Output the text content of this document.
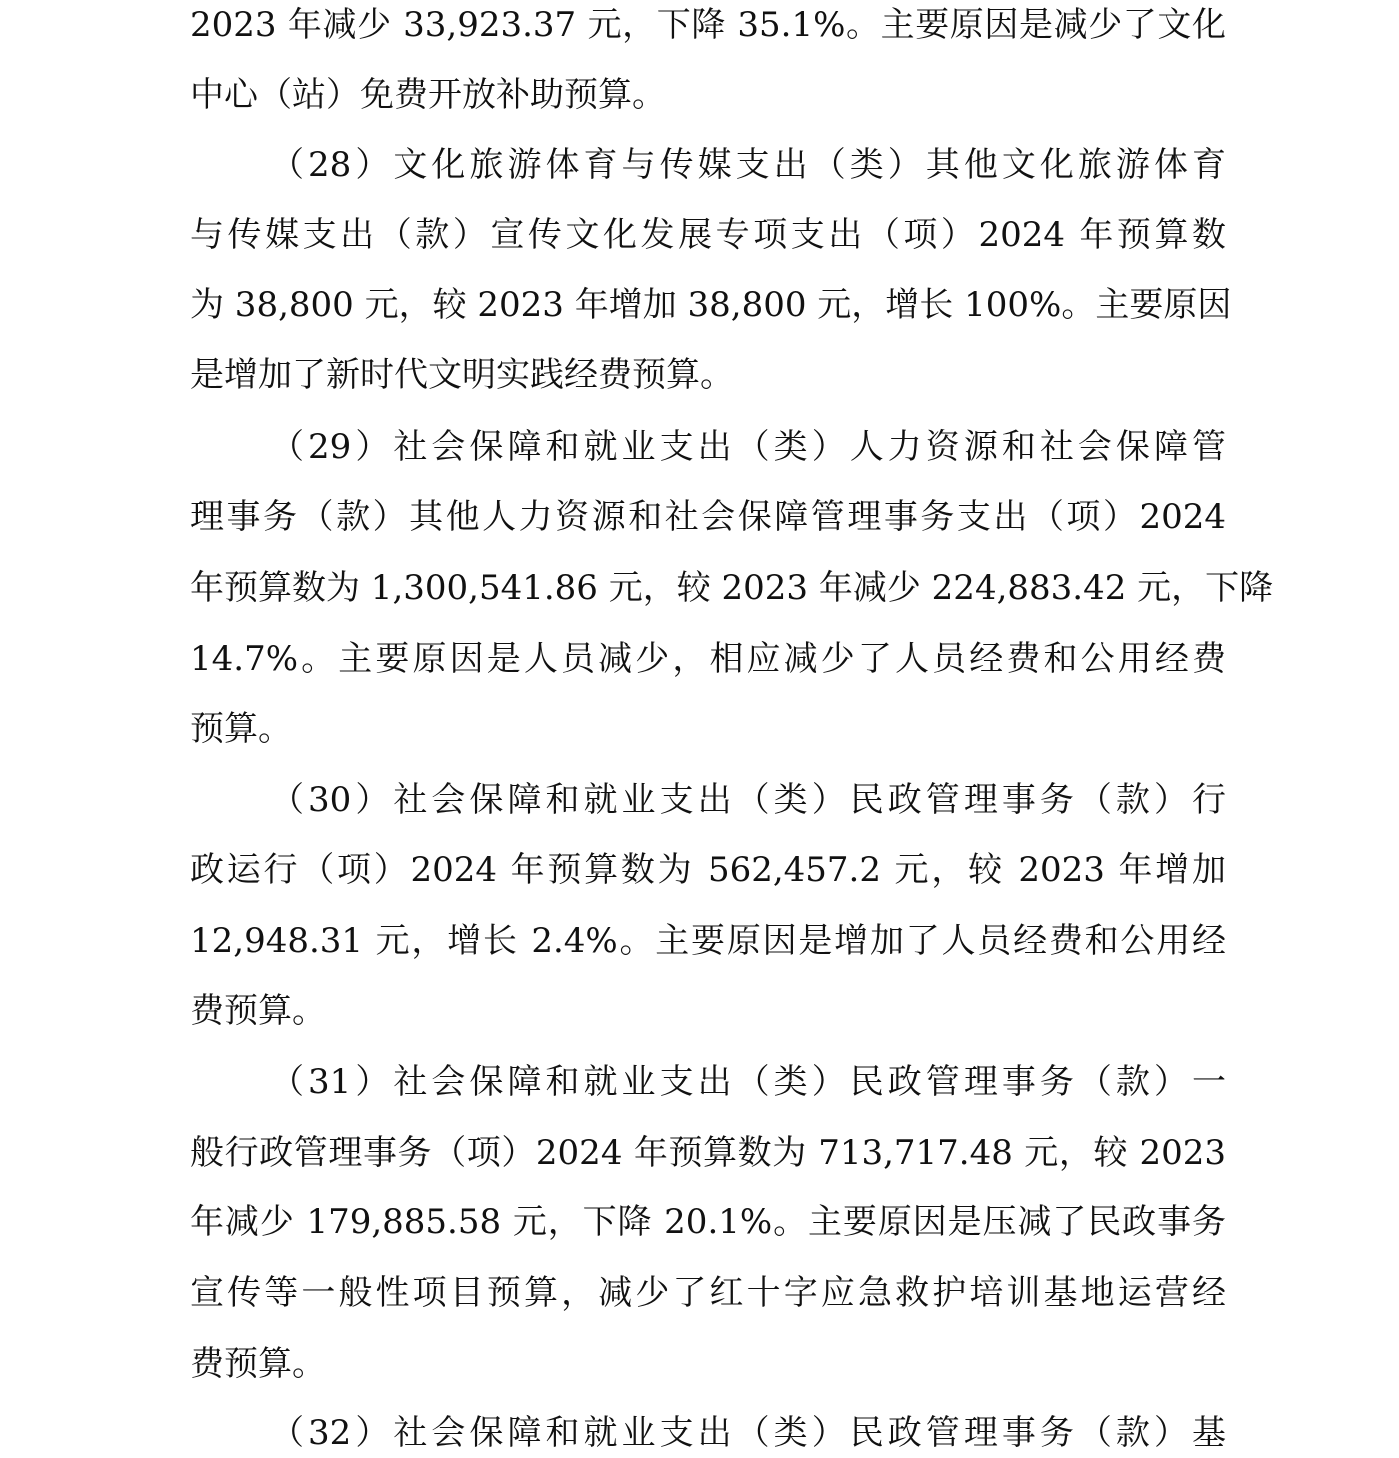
2023 年减少 33,923.37 元，下降 35.1%。主要原因是减少了文化
中心（站）免费开放补助预算。
（28）文化旅游体育与传媒支出（类）其他文化旅游体育
与传媒支出（款）宣传文化发展专项支出（项）2024 年预算数
为 38,800 元，较 2023 年增加 38,800 元，增长 100%。主要原因
是增加了新时代文明实践经费预算。
（29）社会保障和就业支出（类）人力资源和社会保障管
理事务（款）其他人力资源和社会保障管理事务支出（项）2024
年预算数为 1,300,541.86 元，较 2023 年减少 224,883.42 元，下降
14.7%。主要原因是人员减少，相应减少了人员经费和公用经费
预算。
（30）社会保障和就业支出（类）民政管理事务（款）行
政运行（项）2024 年预算数为 562,457.2 元，较 2023 年增加
12,948.31 元，增长 2.4%。主要原因是增加了人员经费和公用经
费预算。
（31）社会保障和就业支出（类）民政管理事务（款）一
般行政管理事务（项）2024 年预算数为 713,717.48 元，较 2023
年减少 179,885.58 元，下降 20.1%。主要原因是压减了民政事务
宣传等一般性项目预算，减少了红十字应急救护培训基地运营经
费预算。
（32）社会保障和就业支出（类）民政管理事务（款）基
